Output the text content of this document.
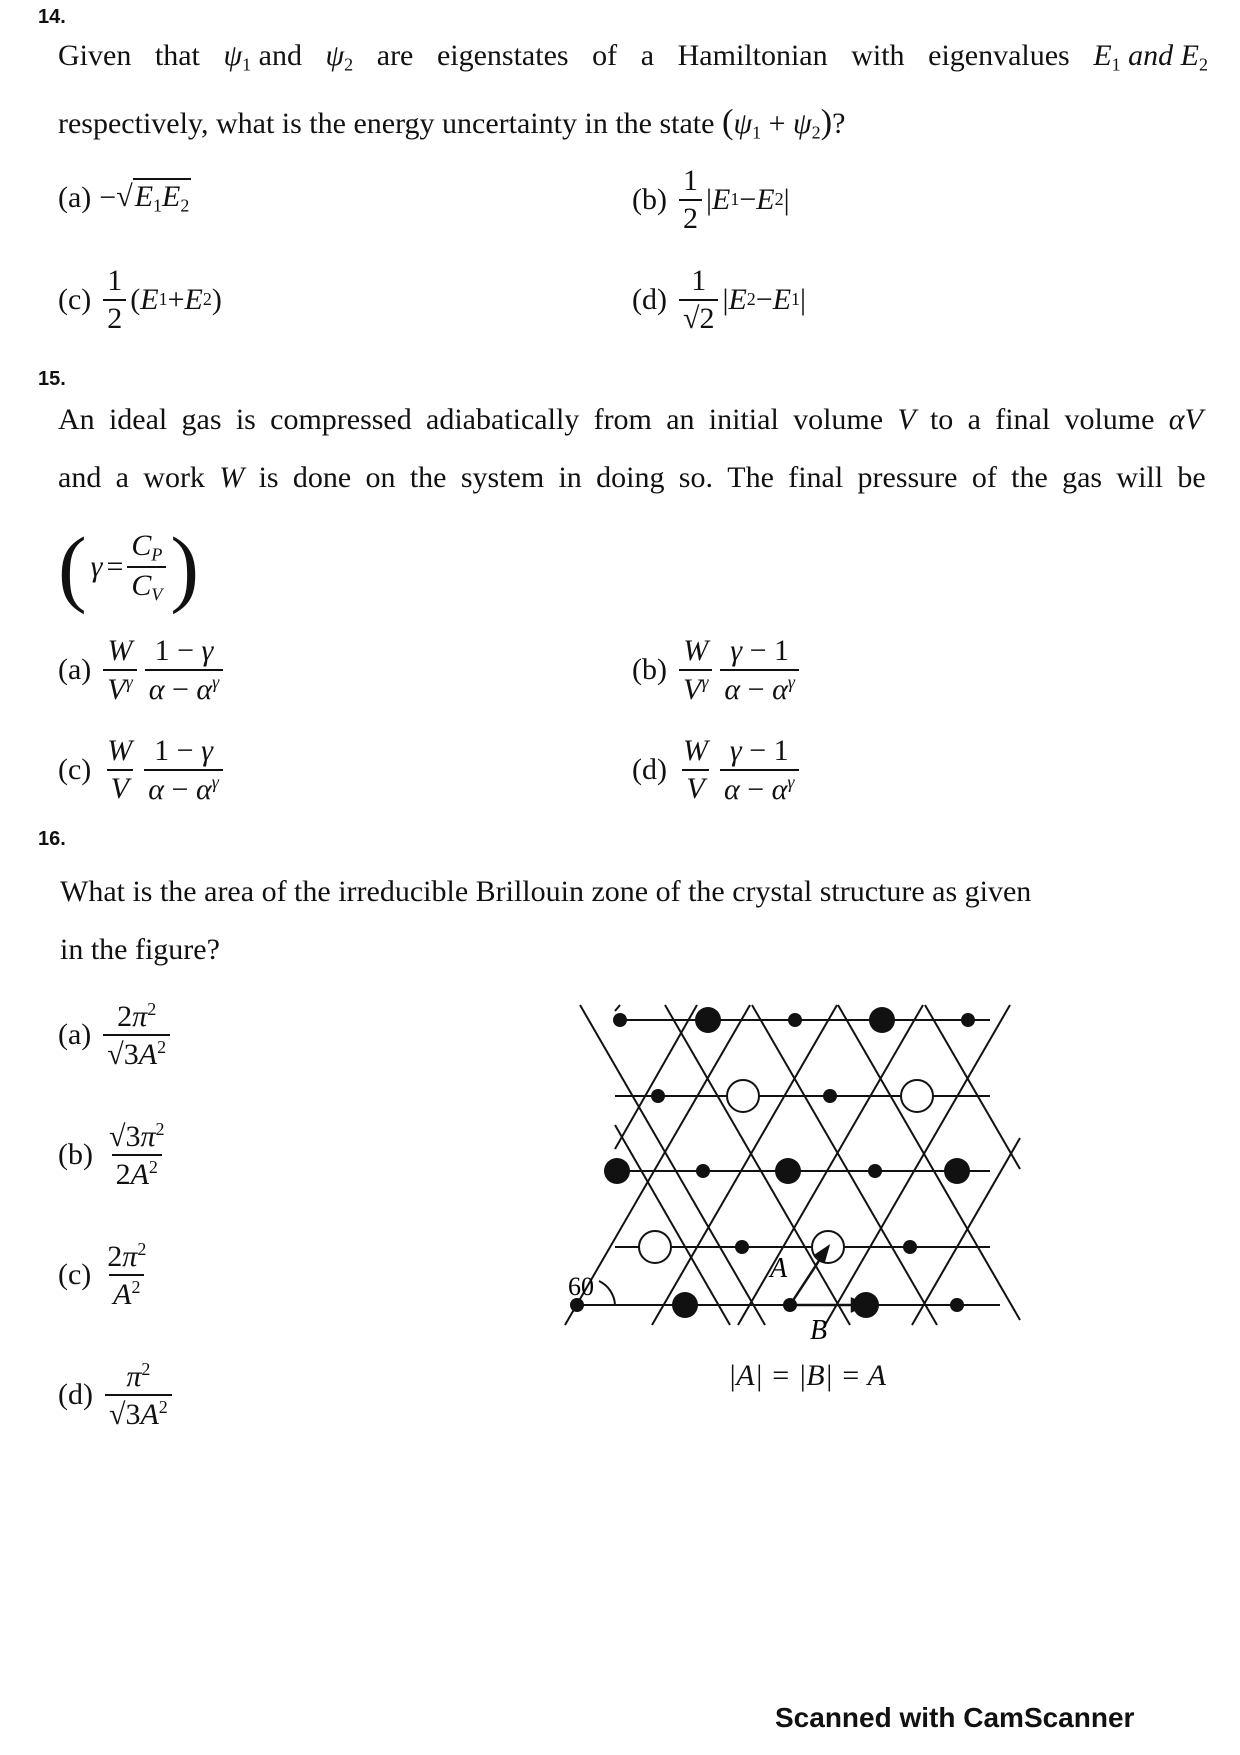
14.
Given that $\psi_1$ and $\psi_2$ are eigenstates of a Hamiltonian with eigenvalues $E_1$ and $E_2$
respectively, what is the energy uncertainty in the state $(\psi_1 + \psi_2)$?
$(a) - √E_1E_2$	$(b) \frac{1}{2}$ | E 1 − E 2 |
$(c) \frac{1}{2}$ ( E 1 + E 2 )	$(d) \frac{1}{√2}$ | E 2 − E 1 |
15.
An ideal gas is compressed adiabatically from an initial volume V to a final volume αV
and a work W is done on the system in doing so. The final pressure of the gas will be
( $\gamma = \frac{C_P}{C_V}$ )
$(a) \frac{W}{V^\gamma} \frac{1 - \gamma}{\alpha - \alpha^\gamma}$	$(b) \frac{W}{V^\gamma} \frac{\gamma - 1}{\alpha - \alpha^\gamma}$
$(c) \frac{W}{V} \frac{1 - \gamma}{\alpha - \alpha^\gamma}$	$(d) \frac{W}{V} \frac{\gamma - 1}{\alpha - \alpha^\gamma}$
16.
What is the area of the irreducible Brillouin zone of the crystal structure as given
in the figure?
$(a) \frac{2\pi^2}{√3A^2}$
$(b) \frac{√3\pi^2}{2A^2}$
$(c) \frac{2\pi^2}{A^2}$
$(d) \frac{\pi^2}{√3A^2}$
60
A
B
|A| = |B| = A
Scanned with CamScanner
